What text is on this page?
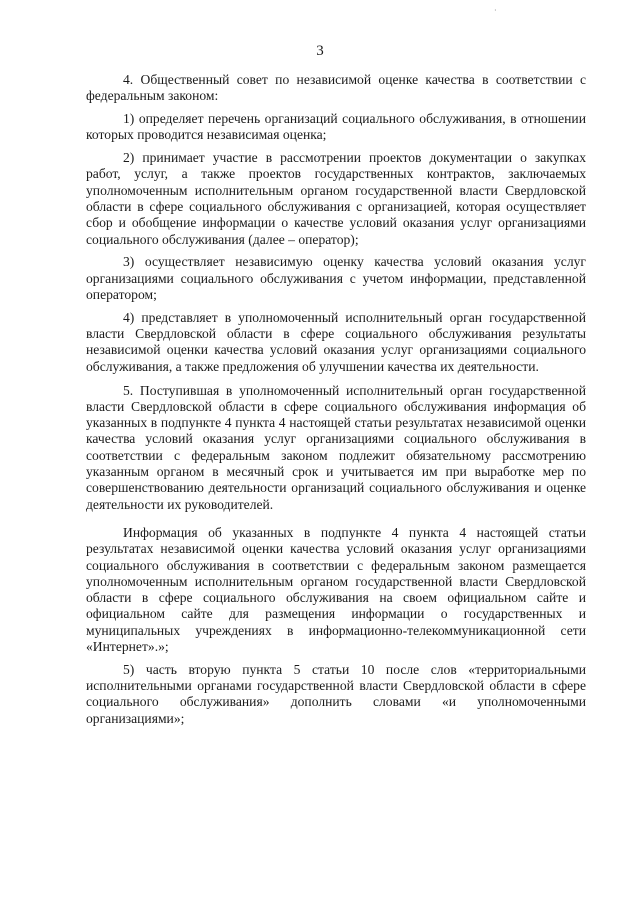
·
3

4. Общественный совет по независимой оценке качества в соответствии с федеральным законом:

1) определяет перечень организаций социального обслуживания, в отношении которых проводится независимая оценка;

2) принимает участие в рассмотрении проектов документации о закупках работ, услуг, а также проектов государственных контрактов, заключаемых уполномоченным исполнительным органом государственной власти Свердловской области в сфере социального обслуживания с организацией, которая осуществляет сбор и обобщение информации о качестве условий оказания услуг организациями социального обслуживания (далее – оператор);

3) осуществляет независимую оценку качества условий оказания услуг организациями социального обслуживания с учетом информации, представленной оператором;

4) представляет в уполномоченный исполнительный орган государственной власти Свердловской области в сфере социального обслуживания результаты независимой оценки качества условий оказания услуг организациями социального обслуживания, а также предложения об улучшении качества их деятельности.

5. Поступившая в уполномоченный исполнительный орган государственной власти Свердловской области в сфере социального обслуживания информация об указанных в подпункте 4 пункта 4 настоящей статьи результатах независимой оценки качества условий оказания услуг организациями социального обслуживания в соответствии с федеральным законом подлежит обязательному рассмотрению указанным органом в месячный срок и учитывается им при выработке мер по совершенствованию деятельности организаций социального обслуживания и оценке деятельности их руководителей.

Информация об указанных в подпункте 4 пункта 4 настоящей статьи результатах независимой оценки качества условий оказания услуг организациями социального обслуживания в соответствии с федеральным законом размещается уполномоченным исполнительным органом государственной власти Свердловской области в сфере социального обслуживания на своем официальном сайте и официальном сайте для размещения информации о государственных и муниципальных учреждениях в информационно-телекоммуникационной сети «Интернет».»;

5) часть вторую пункта 5 статьи 10 после слов «территориальными исполнительными органами государственной власти Свердловской области в сфере социального обслуживания» дополнить словами «и уполномоченными организациями»;
